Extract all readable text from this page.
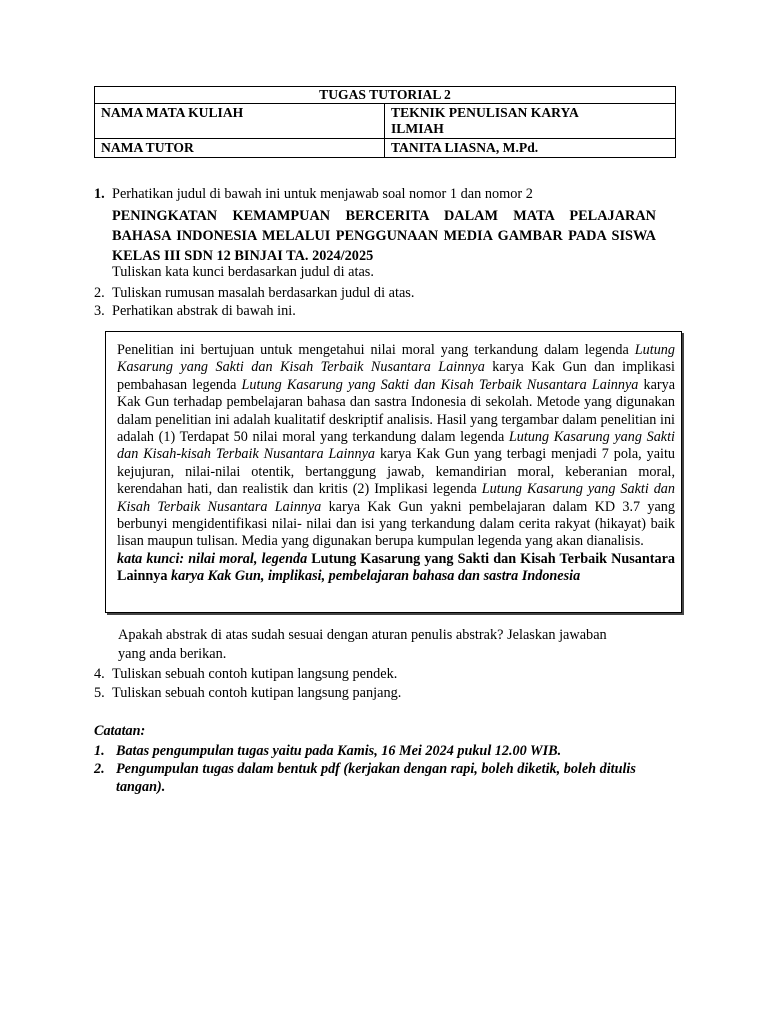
TUGAS TUTORIAL 2	
NAMA MATA KULIAH	TEKNIK PENULISAN KARYA
ILMIAH
NAMA TUTOR	TANITA LIASNA, M.Pd.
1. Perhatikan judul di bawah ini untuk menjawab soal nomor 1 dan nomor 2
PENINGKATAN KEMAMPUAN BERCERITA DALAM MATA PELAJARAN BAHASA INDONESIA MELALUI PENGGUNAAN MEDIA GAMBAR PADA SISWA KELAS III SDN 12 BINJAI TA. 2024/2025
Tuliskan kata kunci berdasarkan judul di atas.
2. Tuliskan rumusan masalah berdasarkan judul di atas.
3. Perhatikan abstrak di bawah ini.
Penelitian ini bertujuan untuk mengetahui nilai moral yang terkandung dalam legenda Lutung Kasarung yang Sakti dan Kisah Terbaik Nusantara Lainnya karya Kak Gun dan implikasi pembahasan legenda Lutung Kasarung yang Sakti dan Kisah Terbaik Nusantara Lainnya karya Kak Gun terhadap pembelajaran bahasa dan sastra Indonesia di sekolah. Metode yang digunakan dalam penelitian ini adalah kualitatif deskriptif analisis. Hasil yang tergambar dalam penelitian ini adalah (1) Terdapat 50 nilai moral yang terkandung dalam legenda Lutung Kasarung yang Sakti dan Kisah-kisah Terbaik Nusantara Lainnya karya Kak Gun yang terbagi menjadi 7 pola, yaitu kejujuran, nilai-nilai otentik, bertanggung jawab, kemandirian moral, keberanian moral, kerendahan hati, dan realistik dan kritis (2) Implikasi legenda Lutung Kasarung yang Sakti dan Kisah Terbaik Nusantara Lainnya karya Kak Gun yakni pembelajaran dalam KD 3.7 yang berbunyi mengidentifikasi nilai- nilai dan isi yang terkandung dalam cerita rakyat (hikayat) baik lisan maupun tulisan. Media yang digunakan berupa kumpulan legenda yang akan dianalisis.
kata kunci: nilai moral, legenda Lutung Kasarung yang Sakti dan Kisah Terbaik Nusantara Lainnya karya Kak Gun, implikasi, pembelajaran bahasa dan sastra Indonesia
Apakah abstrak di atas sudah sesuai dengan aturan penulis abstrak? Jelaskan jawaban
yang anda berikan.
4. Tuliskan sebuah contoh kutipan langsung pendek.
5. Tuliskan sebuah contoh kutipan langsung panjang.
Catatan:
1. Batas pengumpulan tugas yaitu pada Kamis, 16 Mei 2024 pukul 12.00 WIB.
2. Pengumpulan tugas dalam bentuk pdf (kerjakan dengan rapi, boleh diketik, boleh ditulis tangan).
